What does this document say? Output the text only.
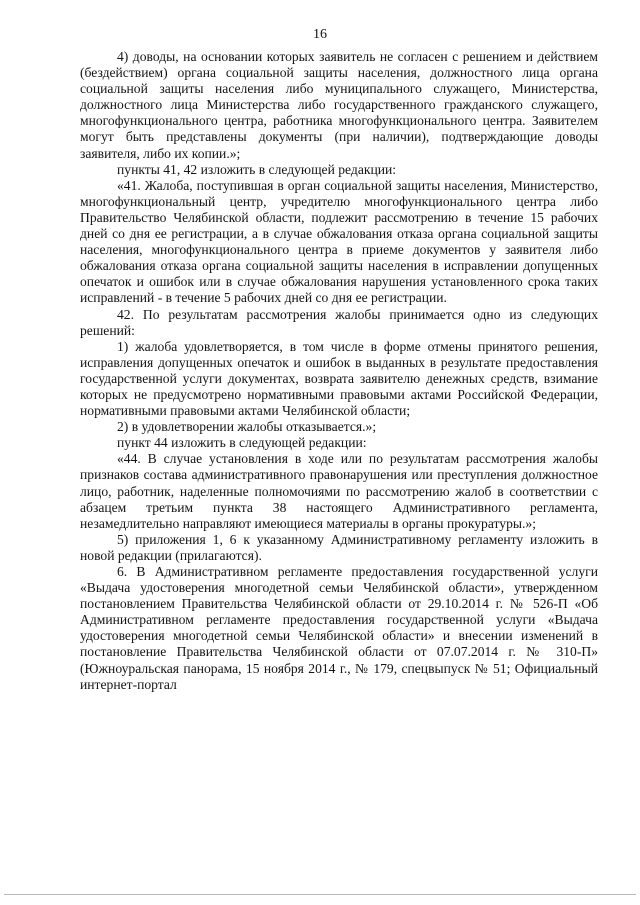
16

4) доводы, на основании которых заявитель не согласен с решением и действием (бездействием) органа социальной защиты населения, должностного лица органа социальной защиты населения либо муниципального служащего, Министерства, должностного лица Министерства либо государственного гражданского служащего, многофункционального центра, работника многофункционального центра. Заявителем могут быть представлены документы (при наличии), подтверждающие доводы заявителя, либо их копии.»;

пункты 41, 42 изложить в следующей редакции:

«41. Жалоба, поступившая в орган социальной защиты населения, Министерство, многофункциональный центр, учредителю многофункционального центра либо Правительство Челябинской области, подлежит рассмотрению в течение 15 рабочих дней со дня ее регистрации, а в случае обжалования отказа органа социальной защиты населения, многофункционального центра в приеме документов у заявителя либо обжалования отказа органа социальной защиты населения в исправлении допущенных опечаток и ошибок или в случае обжалования нарушения установленного срока таких исправлений - в течение 5 рабочих дней со дня ее регистрации.

42. По результатам рассмотрения жалобы принимается одно из следующих решений:

1) жалоба удовлетворяется, в том числе в форме отмены принятого решения, исправления допущенных опечаток и ошибок в выданных в результате предоставления государственной услуги документах, возврата заявителю денежных средств, взимание которых не предусмотрено нормативными правовыми актами Российской Федерации, нормативными правовыми актами Челябинской области;

2) в удовлетворении жалобы отказывается.»;

пункт 44 изложить в следующей редакции:

«44. В случае установления в ходе или по результатам рассмотрения жалобы признаков состава административного правонарушения или преступления должностное лицо, работник, наделенные полномочиями по рассмотрению жалоб в соответствии с абзацем третьим пункта 38 настоящего Административного регламента, незамедлительно направляют имеющиеся материалы в органы прокуратуры.»;

5) приложения 1, 6 к указанному Административному регламенту изложить в новой редакции (прилагаются).

6. В Административном регламенте предоставления государственной услуги «Выдача удостоверения многодетной семьи Челябинской области», утвержденном постановлением Правительства Челябинской области от 29.10.2014 г. № 526-П «Об Административном регламенте предоставления государственной услуги «Выдача удостоверения многодетной семьи Челябинской области» и внесении изменений в постановление Правительства Челябинской области от 07.07.2014 г. № 310-П» (Южноуральская панорама, 15 ноября 2014 г., № 179, спецвыпуск № 51; Официальный интернет-портал
